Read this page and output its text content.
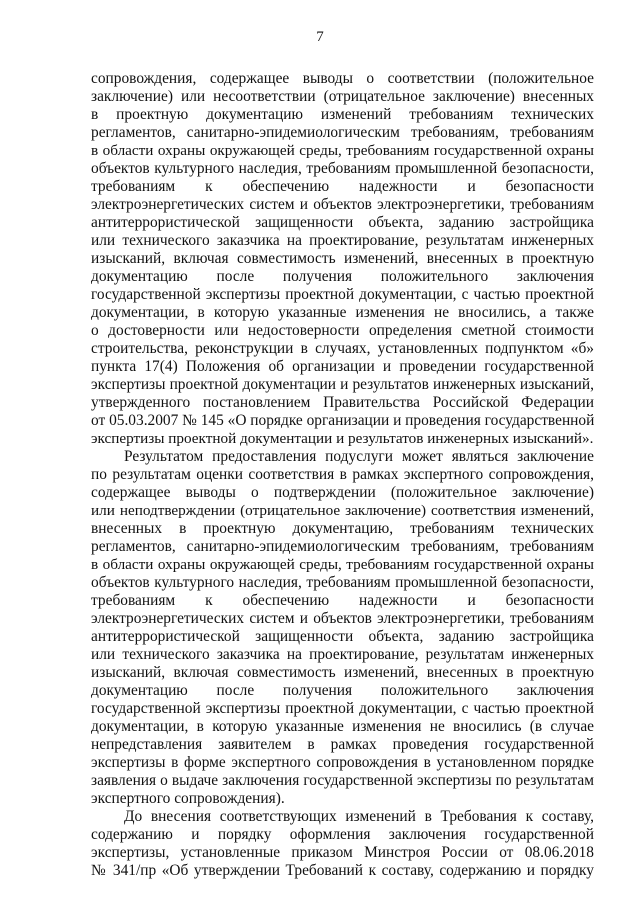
7
сопровождения, содержащее выводы о соответствии (положительное
заключение) или несоответствии (отрицательное заключение) внесенных
в проектную документацию изменений требованиям технических
регламентов, санитарно-эпидемиологическим требованиям, требованиям
в области охраны окружающей среды, требованиям государственной охраны
объектов культурного наследия, требованиям промышленной безопасности,
требованиям к обеспечению надежности и безопасности
электроэнергетических систем и объектов электроэнергетики, требованиям
антитеррористической защищенности объекта, заданию застройщика
или технического заказчика на проектирование, результатам инженерных
изысканий, включая совместимость изменений, внесенных в проектную
документацию после получения положительного заключения
государственной экспертизы проектной документации, с частью проектной
документации, в которую указанные изменения не вносились, а также
о достоверности или недостоверности определения сметной стоимости
строительства, реконструкции в случаях, установленных подпунктом «б»
пункта 17(4) Положения об организации и проведении государственной
экспертизы проектной документации и результатов инженерных изысканий,
утвержденного постановлением Правительства Российской Федерации
от 05.03.2007 № 145 «О порядке организации и проведения государственной
экспертизы проектной документации и результатов инженерных изысканий».
Результатом предоставления подуслуги может являться заключение
по результатам оценки соответствия в рамках экспертного сопровождения,
содержащее выводы о подтверждении (положительное заключение)
или неподтверждении (отрицательное заключение) соответствия изменений,
внесенных в проектную документацию, требованиям технических
регламентов, санитарно-эпидемиологическим требованиям, требованиям
в области охраны окружающей среды, требованиям государственной охраны
объектов культурного наследия, требованиям промышленной безопасности,
требованиям к обеспечению надежности и безопасности
электроэнергетических систем и объектов электроэнергетики, требованиям
антитеррористической защищенности объекта, заданию застройщика
или технического заказчика на проектирование, результатам инженерных
изысканий, включая совместимость изменений, внесенных в проектную
документацию после получения положительного заключения
государственной экспертизы проектной документации, с частью проектной
документации, в которую указанные изменения не вносились (в случае
непредставления заявителем в рамках проведения государственной
экспертизы в форме экспертного сопровождения в установленном порядке
заявления о выдаче заключения государственной экспертизы по результатам
экспертного сопровождения).
До внесения соответствующих изменений в Требования к составу,
содержанию и порядку оформления заключения государственной
экспертизы, установленные приказом Минстроя России от 08.06.2018
№ 341/пр «Об утверждении Требований к составу, содержанию и порядку
